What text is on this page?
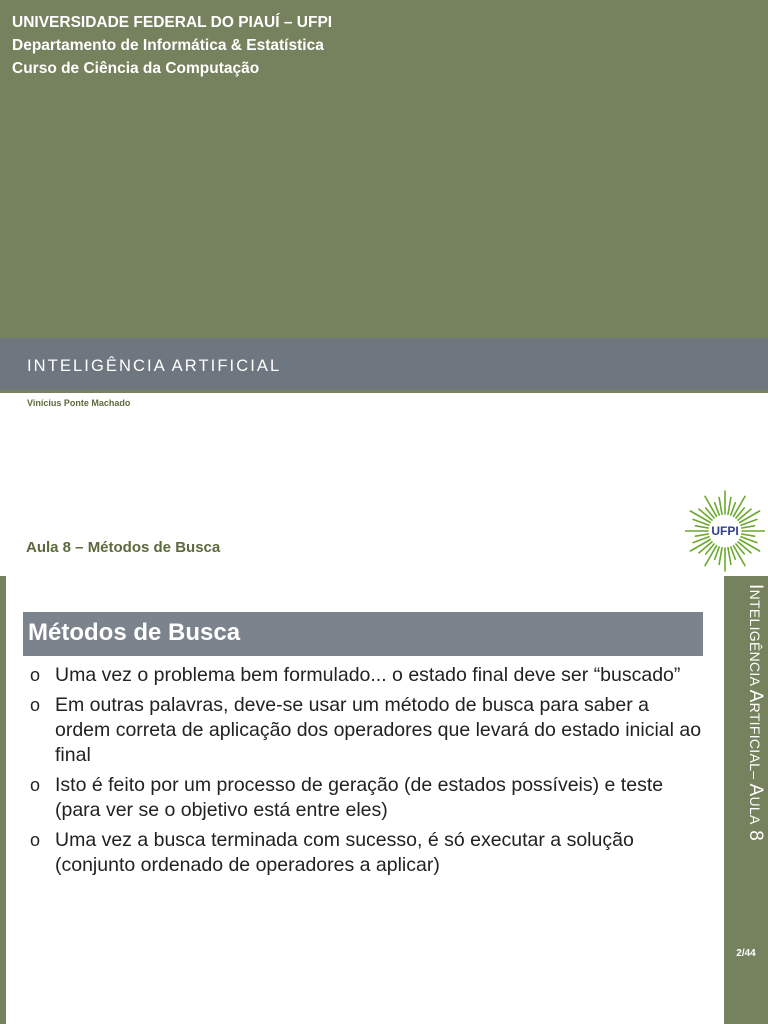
UNIVERSIDADE FEDERAL DO PIAUÍ – UFPI
Departamento de Informática & Estatística
Curso de Ciência da Computação
INTELIGÊNCIA ARTIFICIAL
Vinícius Ponte Machado
Aula 8 – Métodos de Busca
UFPI
INTELIGÊNCIA ARTIFICIAL– AULA 8
2/44
Métodos de Busca
o Uma vez o problema bem formulado... o estado final deve ser “buscado”
o Em outras palavras, deve-se usar um método de busca para saber a ordem correta de aplicação dos operadores que levará do estado inicial ao final
o Isto é feito por um processo de geração (de estados possíveis) e teste (para ver se o objetivo está entre eles)
o Uma vez a busca terminada com sucesso, é só executar a solução (conjunto ordenado de operadores a aplicar)
